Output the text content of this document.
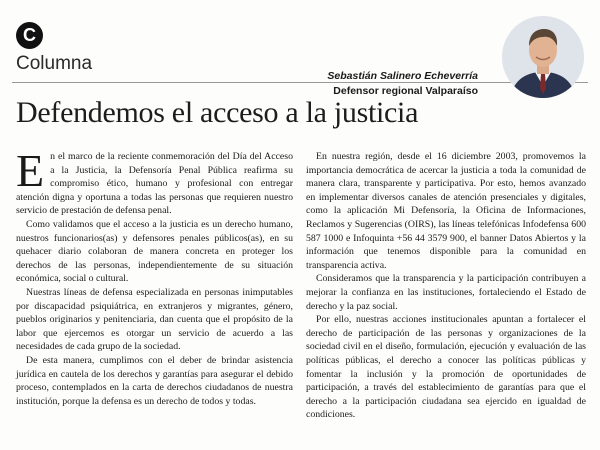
C
Columna
Sebastián Salinero Echeverría
Defensor regional Valparaíso
Defendemos el acceso a la justicia

En el marco de la reciente conmemoración del Día del Acceso a la Justicia, la Defensoría Penal Pública reafirma su compromiso ético, humano y profesional con entregar atención digna y oportuna a todas las personas que requieren nuestro servicio de prestación de defensa penal.

Como validamos que el acceso a la justicia es un derecho humano, nuestros funcionarios(as) y defensores penales públicos(as), en su quehacer diario colaboran de manera concreta en proteger los derechos de las personas, independientemente de su situación económica, social o cultural.

Nuestras líneas de defensa especializada en personas inimputables por discapacidad psiquiátrica, en extranjeros y migrantes, género, pueblos originarios y penitenciaria, dan cuenta que el propósito de la labor que ejercemos es otorgar un servicio de acuerdo a las necesidades de cada grupo de la sociedad.

De esta manera, cumplimos con el deber de brindar asistencia jurídica en cautela de los derechos y garantías para asegurar el debido proceso, contemplados en la carta de derechos ciudadanos de nuestra institución, porque la defensa es un derecho de todos y todas.

En nuestra región, desde el 16 diciembre 2003, promovemos la importancia democrática de acercar la justicia a toda la comunidad de manera clara, transparente y participativa. Por esto, hemos avanzado en implementar diversos canales de atención presenciales y digitales, como la aplicación Mi Defensoría, la Oficina de Informaciones, Reclamos y Sugerencias (OIRS), las líneas telefónicas Infodefensa 600 587 1000 e Infoquinta +56 44 3579 900, el banner Datos Abiertos y la información que tenemos disponible para la comunidad en transparencia activa.

Consideramos que la transparencia y la participación contribuyen a mejorar la confianza en las instituciones, fortaleciendo el Estado de derecho y la paz social.

Por ello, nuestras acciones institucionales apuntan a fortalecer el derecho de participación de las personas y organizaciones de la sociedad civil en el diseño, formulación, ejecución y evaluación de las políticas públicas, el derecho a conocer las políticas públicas y fomentar la inclusión y la promoción de oportunidades de participación, a través del establecimiento de garantías para que el derecho a la participación ciudadana sea ejercido en igualdad de condiciones.
